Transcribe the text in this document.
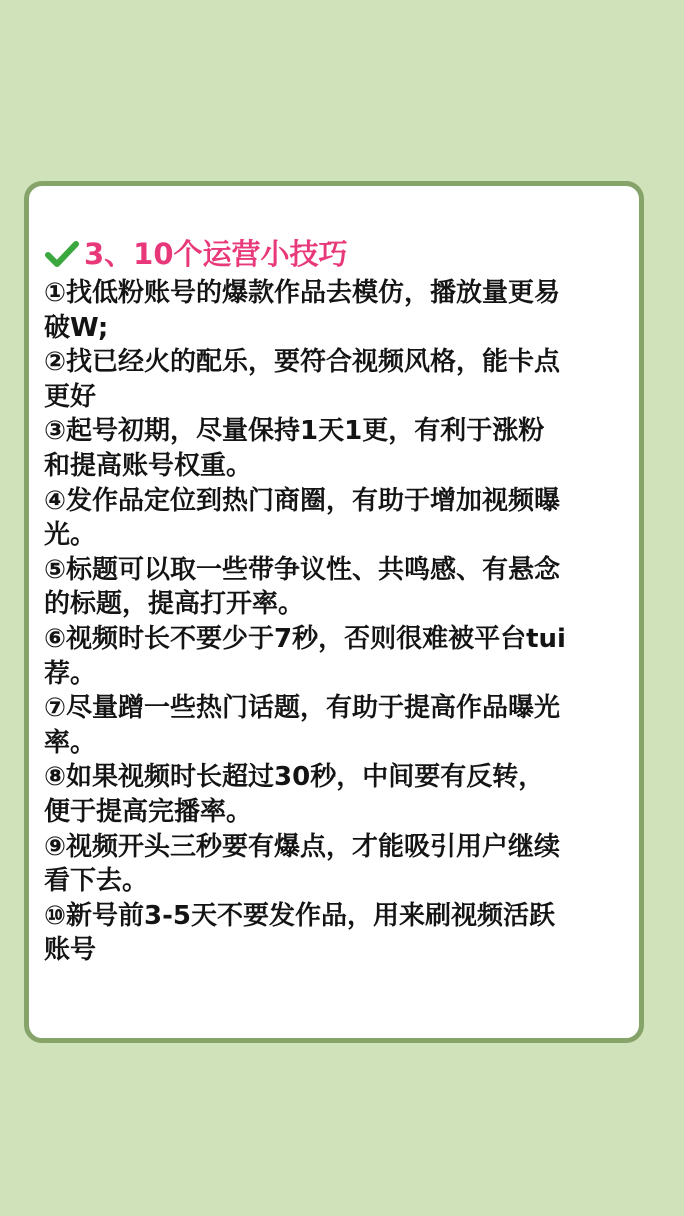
3、10个运营小技巧
①找低粉账号的爆款作品去模仿，播放量更易
破W;
②找已经火的配乐，要符合视频风格，能卡点
更好
③起号初期，尽量保持1天1更，有利于涨粉
和提高账号权重。
④发作品定位到热门商圈，有助于增加视频曝
光。
⑤标题可以取一些带争议性、共鸣感、有悬念
的标题，提高打开率。
⑥视频时长不要少于7秒，否则很难被平台tui
荐。
⑦尽量蹭一些热门话题，有助于提高作品曝光
率。
⑧如果视频时长超过30秒，中间要有反转，
便于提高完播率。
⑨视频开头三秒要有爆点，才能吸引用户继续
看下去。
⑩新号前3-5天不要发作品，用来刷视频活跃
账号
